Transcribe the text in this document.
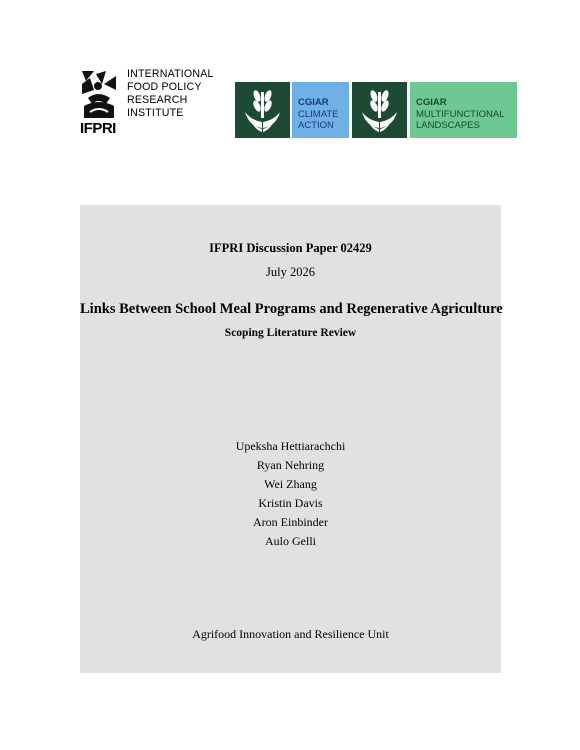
IFPRI
INTERNATIONAL
FOOD POLICY
RESEARCH
INSTITUTE
CGIAR
CLIMATE
ACTION
CGIAR
MULTIFUNCTIONAL
LANDSCAPES
IFPRI Discussion Paper 02429
July 2026
Links Between School Meal Programs and Regenerative Agriculture
Scoping Literature Review
Upeksha Hettiarachchi
Ryan Nehring
Wei Zhang
Kristin Davis
Aron Einbinder
Aulo Gelli
Agrifood Innovation and Resilience Unit
